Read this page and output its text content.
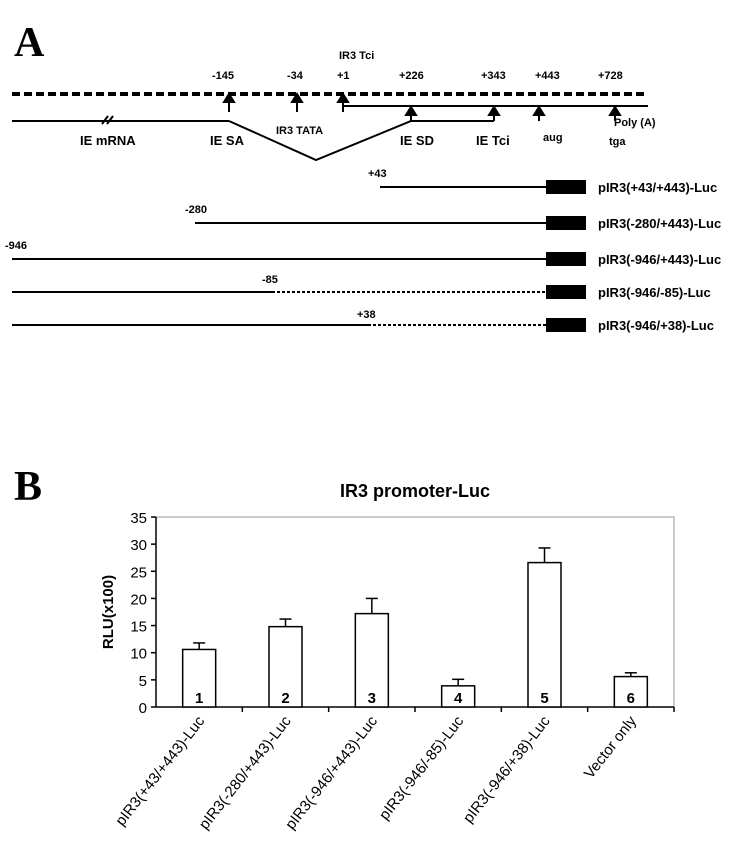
A	IR3 Tci
-145	-34	+1	+226	+343	+443	+728
IE mRNA	IE SA
IR3 TATA
IE SD	IE Tci	aug	tga
Poly (A)
+43
pIR3(+43/+443)-Luc
-280
pIR3(-280/+443)-Luc
-946
pIR3(-946/+443)-Luc
-85
pIR3(-946/-85)-Luc
+38
pIR3(-946/+38)-Luc
B	IR3 promoter-Luc
RLU(x100)
0
5
10
15
20
25
30
35
1	2	3	4	5	6
pIR3(+43/+443)-Luc
pIR3(-280/+443)-Luc
pIR3(-946/+443)-Luc
pIR3(-946/-85)-Luc
pIR3(-946/+38)-Luc Vector only
